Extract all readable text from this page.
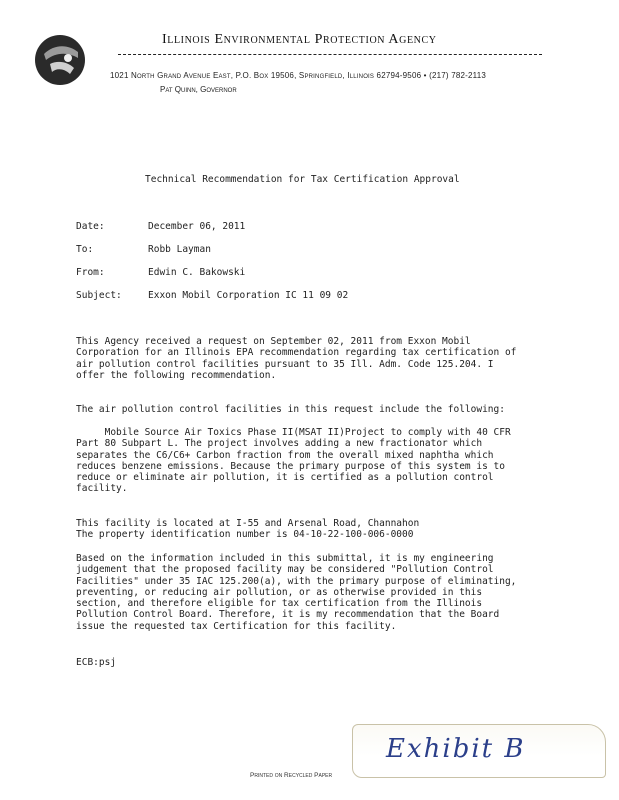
Illinois Environmental Protection Agency
1021 North Grand Avenue East, P.O. Box 19506, Springfield, Illinois 62794-9506 • (217) 782-2113
Pat Quinn, Governor
Technical Recommendation for Tax Certification Approval
Date:	December 06, 2011
To:	Robb Layman
From:	Edwin C. Bakowski
Subject:	Exxon Mobil Corporation IC 11 09 02
This Agency received a request on September 02, 2011 from Exxon Mobil
Corporation for an Illinois EPA recommendation regarding tax certification of
air pollution control facilities pursuant to 35 Ill. Adm. Code 125.204. I
offer the following recommendation.
The air pollution control facilities in this request include the following:
Mobile Source Air Toxics Phase II(MSAT II)Project to comply with 40 CFR
Part 80 Subpart L. The project involves adding a new fractionator which
separates the C6/C6+ Carbon fraction from the overall mixed naphtha which
reduces benzene emissions. Because the primary purpose of this system is to
reduce or eliminate air pollution, it is certified as a pollution control
facility.
This facility is located at I-55 and Arsenal Road, Channahon
The property identification number is 04-10-22-100-006-0000
Based on the information included in this submittal, it is my engineering
judgement that the proposed facility may be considered "Pollution Control
Facilities" under 35 IAC 125.200(a), with the primary purpose of eliminating,
preventing, or reducing air pollution, or as otherwise provided in this
section, and therefore eligible for tax certification from the Illinois
Pollution Control Board. Therefore, it is my recommendation that the Board
issue the requested tax Certification for this facility.
ECB:psj
Exhibit B
Printed on Recycled Paper
